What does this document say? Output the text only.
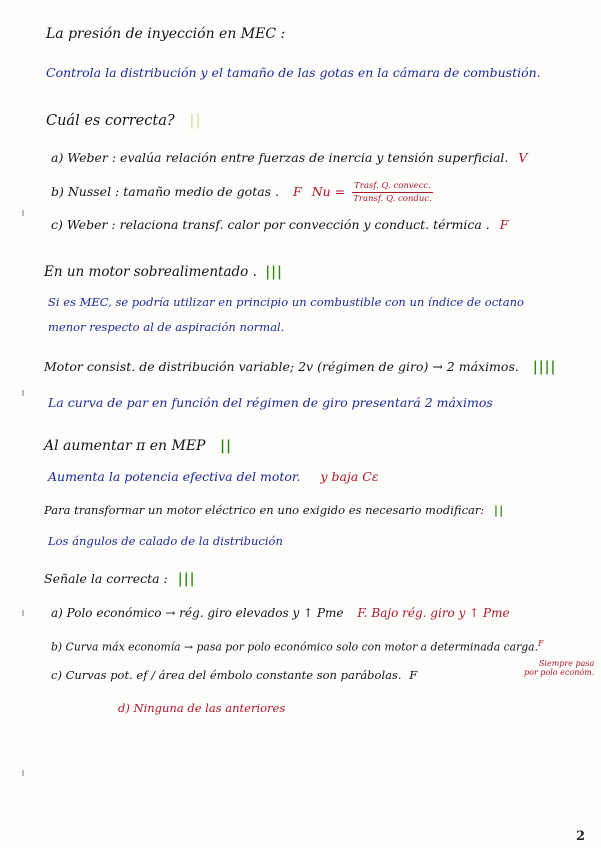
La presión de inyección en MEC :
Controla la distribución y el tamaño de las gotas en la cámara de combustión.
Cuál es correcta? ||
a) Weber : evalúa relación entre fuerzas de inercia y tensión superficial. V
b) Nussel : tamaño medio de gotas . F $Nu = \frac{\text{Trasf. Q. convecc.}}{\text{Transf. Q. conduc.}}$
c) Weber : relaciona transf. calor por convección y conduct. térmica . F
En un motor sobrealimentado . |||
Si es MEC, se podría utilizar en principio un combustible con un índice de octano
menor respecto al de aspiración normal.
Motor consist. de distribución variable; 2v (régimen de giro) → 2 máximos. ||||
La curva de par en función del régimen de giro presentará 2 máximos
Al aumentar π en MEP ||
Aumenta la potencia efectiva del motor. y baja Cε
Para transformar un motor eléctrico en uno exigido es necesario modificar: ||
Los ángulos de calado de la distribución
Señale la correcta : |||
a) Polo económico → rég. giro elevados y ↑ Pme F. Bajo rég. giro y ↑ Pme
b) Curva máx economía → pasa por polo económico solo con motor a determinada carga.$^F$
c) Curvas pot. ef / área del émbolo constante son parábolas. F
Siempre pasa
por polo económ.
d) Ninguna de las anteriores
2
